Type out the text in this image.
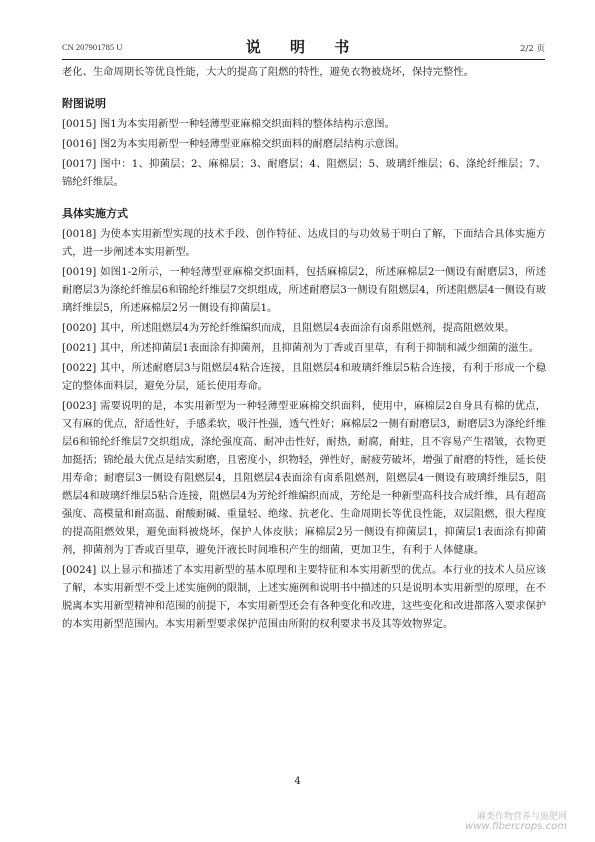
CN 207901785 U	说 明 书	2/2 页

老化、生命周期长等优良性能，大大的提高了阻燃的特性，避免衣物被烧坏，保持完整性。

附图说明

[0015] 图1为本实用新型一种轻薄型亚麻棉交织面料的整体结构示意图。

[0016] 图2为本实用新型一种轻薄型亚麻棉交织面料的耐磨层结构示意图。

[0017] 图中：1、抑菌层；2、麻棉层；3、耐磨层；4、阻燃层；5、玻璃纤维层；6、涤纶纤维层；7、锦纶纤维层。

具体实施方式

[0018] 为使本实用新型实现的技术手段、创作特征、达成目的与功效易于明白了解，下面结合具体实施方式，进一步阐述本实用新型。

[0019] 如图1-2所示，一种轻薄型亚麻棉交织面料，包括麻棉层2，所述麻棉层2一侧设有耐磨层3，所述耐磨层3为涤纶纤维层6和锦纶纤维层7交织组成，所述耐磨层3一侧设有阻燃层4，所述阻燃层4一侧设有玻璃纤维层5，所述麻棉层2另一侧设有抑菌层1。

[0020] 其中，所述阻燃层4为芳纶纤维编织而成，且阻燃层4表面涂有卤系阻燃剂，提高阻燃效果。

[0021] 其中，所述抑菌层1表面涂有抑菌剂，且抑菌剂为丁香或百里草，有利于抑制和减少细菌的滋生。

[0022] 其中，所述耐磨层3与阻燃层4粘合连接，且阻燃层4和玻璃纤维层5粘合连接，有利于形成一个稳定的整体面料层，避免分层，延长使用寿命。

[0023] 需要说明的是，本实用新型为一种轻薄型亚麻棉交织面料，使用中，麻棉层2自身具有棉的优点，又有麻的优点，舒适性好，手感柔软，吸汗性强，透气性好；麻棉层2一侧有耐磨层3，耐磨层3为涤纶纤维层6和锦纶纤维层7交织组成，涤纶强度高、耐冲击性好，耐热，耐腐，耐蛀，且不容易产生褶皱，衣物更加挺括；锦纶最大优点是结实耐磨，且密度小，织物轻，弹性好，耐疲劳破坏，增强了耐磨的特性，延长使用寿命；耐磨层3一侧设有阻燃层4，且阻燃层4表面涂有卤系阻燃剂，阻燃层4一侧设有玻璃纤维层5，阻燃层4和玻璃纤维层5粘合连接，阻燃层4为芳纶纤维编织而成，芳纶是一种新型高科技合成纤维，具有超高强度、高模量和耐高温、耐酸耐碱、重量轻、绝缘、抗老化、生命周期长等优良性能，双层阻燃，很大程度的提高阻燃效果，避免面料被烧坏，保护人体皮肤；麻棉层2另一侧设有抑菌层1，抑菌层1表面涂有抑菌剂，抑菌剂为丁香或百里草，避免汗液长时间堆积产生的细菌，更加卫生，有利于人体健康。

[0024] 以上显示和描述了本实用新型的基本原理和主要特征和本实用新型的优点。本行业的技术人员应该了解，本实用新型不受上述实施例的限制，上述实施例和说明书中描述的只是说明本实用新型的原理，在不脱离本实用新型精神和范围的前提下，本实用新型还会有各种变化和改进，这些变化和改进都落入要求保护的本实用新型范围内。本实用新型要求保护范围由所附的权利要求书及其等效物界定。

4
麻类作物营养与施肥网
www.fibercrops.com
